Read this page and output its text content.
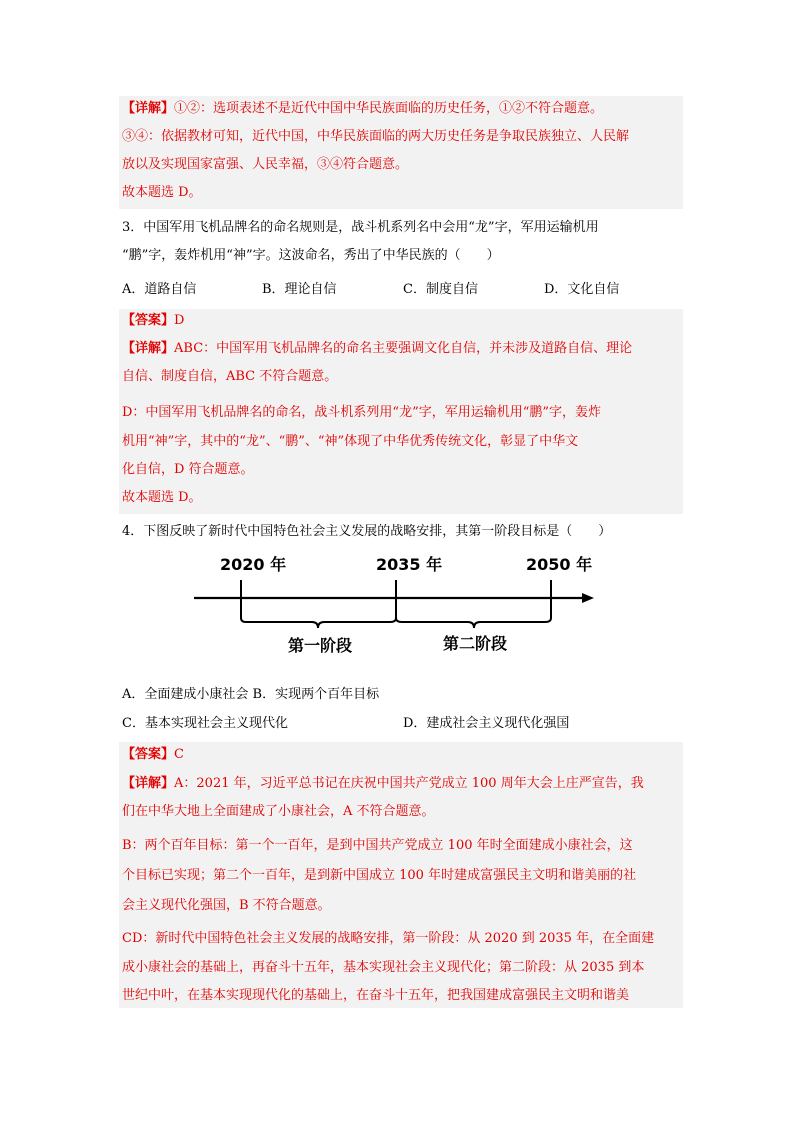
【详解】①②：选项表述不是近代中国中华民族面临的历史任务，①②不符合题意。
③④：依据教材可知，近代中国，中华民族面临的两大历史任务是争取民族独立、人民解
放以及实现国家富强、人民幸福，③④符合题意。
故本题选 D。
3．中国军用飞机品牌名的命名规则是，战斗机系列名中会用“龙”字，军用运输机用
“鹏”字，轰炸机用“神”字。这波命名，秀出了中华民族的（　　）
A．道路自信	B．理论自信	C．制度自信	D．文化自信
【答案】D
【详解】ABC：中国军用飞机品牌名的命名主要强调文化自信，并未涉及道路自信、理论
自信、制度自信，ABC 不符合题意。
D：中国军用飞机品牌名的命名，战斗机系列用“龙”字，军用运输机用“鹏”字，轰炸
机用“神”字，其中的“龙”、“鹏”、“神”体现了中华优秀传统文化，彰显了中华文
化自信，D 符合题意。
故本题选 D。
4．下图反映了新时代中国特色社会主义发展的战略安排，其第一阶段目标是（　　）
2020 年	2035 年	2050 年
第一阶段	第二阶段
A．全面建成小康社会 B．实现两个百年目标
C．基本实现社会主义现代化	D．建成社会主义现代化强国
【答案】C
【详解】A：2021 年，习近平总书记在庆祝中国共产党成立 100 周年大会上庄严宣告，我
们在中华大地上全面建成了小康社会，A 不符合题意。
B：两个百年目标：第一个一百年，是到中国共产党成立 100 年时全面建成小康社会，这
个目标已实现；第二个一百年，是到新中国成立 100 年时建成富强民主文明和谐美丽的社
会主义现代化强国，B 不符合题意。
CD：新时代中国特色社会主义发展的战略安排，第一阶段：从 2020 到 2035 年，在全面建
成小康社会的基础上，再奋斗十五年，基本实现社会主义现代化；第二阶段：从 2035 到本
世纪中叶，在基本实现现代化的基础上，在奋斗十五年，把我国建成富强民主文明和谐美
